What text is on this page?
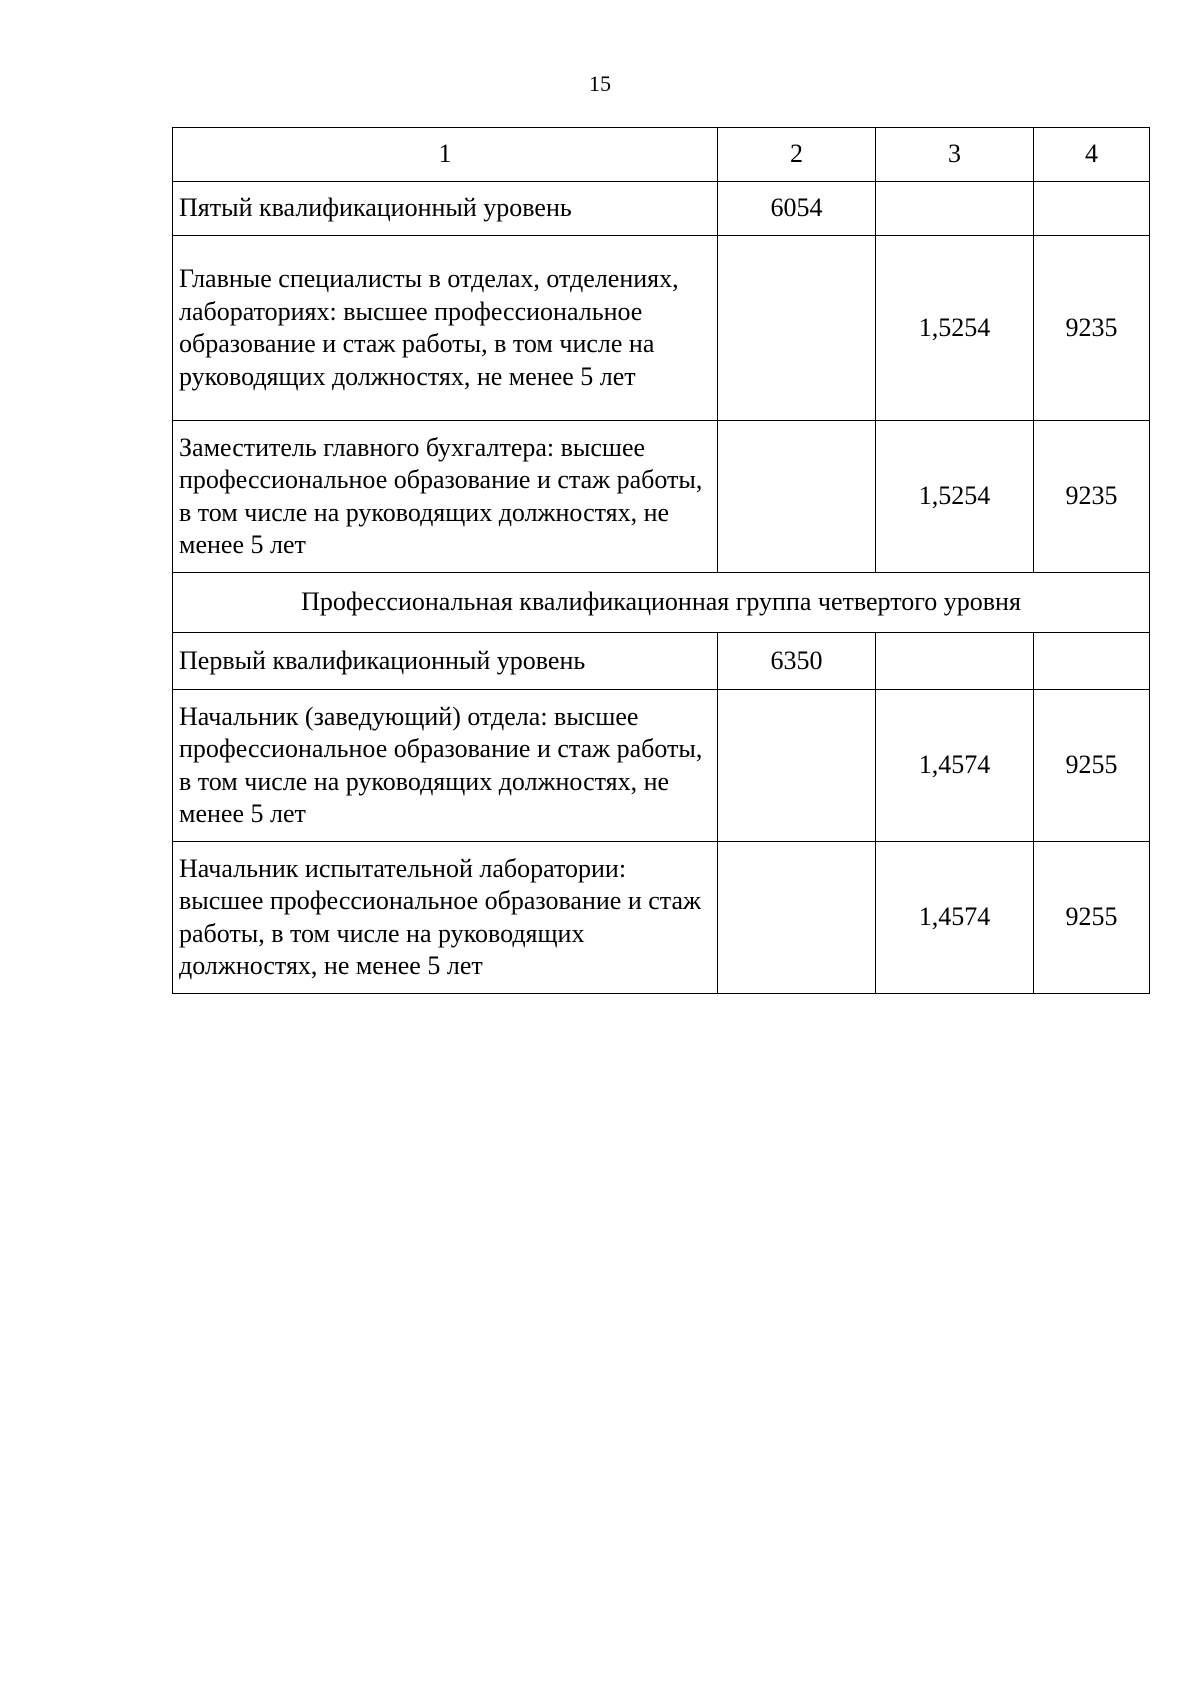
15
1	2	3	4
Пятый квалификационный уровень	6054		
Главные специалисты в отделах, отделениях, лабораториях: высшее профессиональное образование и стаж работы, в том числе на руководящих должностях, не менее 5 лет		1,5254	9235
Заместитель главного бухгалтера: высшее профессиональное образование и стаж работы, в том числе на руководящих должностях, не менее 5 лет		1,5254	9235
Профессиональная квалификационная группа четвертого уровня			
Первый квалификационный уровень	6350		
Начальник (заведующий) отдела: высшее профессиональное образование и стаж работы, в том числе на руководящих должностях, не менее 5 лет		1,4574	9255
Начальник испытательной лаборатории: высшее профессиональное образование и стаж работы, в том числе на руководящих должностях, не менее 5 лет		1,4574	9255
